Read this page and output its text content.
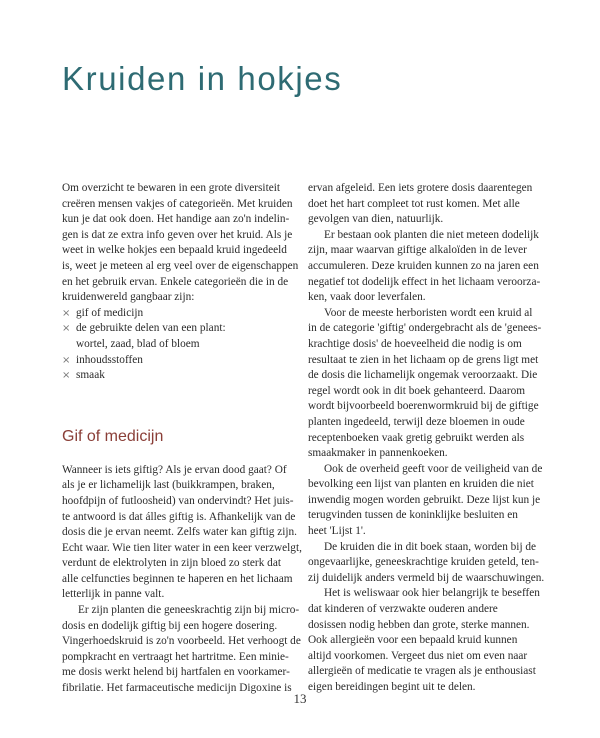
Kruiden in hokjes

Om overzicht te bewaren in een grote diversiteit

creëren mensen vakjes of categorieën. Met kruiden

kun je dat ook doen. Het handige aan zo'n indelin-

gen is dat ze extra info geven over het kruid. Als je

weet in welke hokjes een bepaald kruid ingedeeld

is, weet je meteen al erg veel over de eigenschappen

en het gebruik ervan. Enkele categorieën die in de

kruidenwereld gangbaar zijn:

× gif of medicijn
× de gebruikte delen van een plant:
wortel, zaad, blad of bloem
× inhoudsstoffen
× smaak
Gif of medicijn

Wanneer is iets giftig? Als je ervan dood gaat? Of

als je er lichamelijk last (buikkrampen, braken,

hoofdpijn of futloosheid) van ondervindt? Het juis-

te antwoord is dat álles giftig is. Afhankelijk van de

dosis die je ervan neemt. Zelfs water kan giftig zijn.

Echt waar. Wie tien liter water in een keer verzwelgt,

verdunt de elektrolyten in zijn bloed zo sterk dat

alle celfuncties beginnen te haperen en het lichaam

letterlijk in panne valt.

Er zijn planten die geneeskrachtig zijn bij micro-

dosis en dodelijk giftig bij een hogere dosering.

Vingerhoedskruid is zo'n voorbeeld. Het verhoogt de

pompkracht en vertraagt het hartritme. Een minie-

me dosis werkt helend bij hartfalen en voorkamer-

fibrilatie. Het farmaceutische medicijn Digoxine is

ervan afgeleid. Een iets grotere dosis daarentegen

doet het hart compleet tot rust komen. Met alle

gevolgen van dien, natuurlijk.

Er bestaan ook planten die niet meteen dodelijk

zijn, maar waarvan giftige alkaloïden in de lever

accumuleren. Deze kruiden kunnen zo na jaren een

negatief tot dodelijk effect in het lichaam veroorza-

ken, vaak door leverfalen.

Voor de meeste herboristen wordt een kruid al

in de categorie 'giftig' ondergebracht als de 'genees-

krachtige dosis' de hoeveelheid die nodig is om

resultaat te zien in het lichaam op de grens ligt met

de dosis die lichamelijk ongemak veroorzaakt. Die

regel wordt ook in dit boek gehanteerd. Daarom

wordt bijvoorbeeld boerenwormkruid bij de giftige

planten ingedeeld, terwijl deze bloemen in oude

receptenboeken vaak gretig gebruikt werden als

smaakmaker in pannenkoeken.

Ook de overheid geeft voor de veiligheid van de

bevolking een lijst van planten en kruiden die niet

inwendig mogen worden gebruikt. Deze lijst kun je

terugvinden tussen de koninklijke besluiten en

heet 'Lijst 1'.

De kruiden die in dit boek staan, worden bij de

ongevaarlijke, geneeskrachtige kruiden geteld, ten-

zij duidelijk anders vermeld bij de waarschuwingen.

Het is weliswaar ook hier belangrijk te beseffen

dat kinderen of verzwakte ouderen andere

dosissen nodig hebben dan grote, sterke mannen.

Ook allergieën voor een bepaald kruid kunnen

altijd voorkomen. Vergeet dus niet om even naar

allergieën of medicatie te vragen als je enthousiast

eigen bereidingen begint uit te delen.

13
